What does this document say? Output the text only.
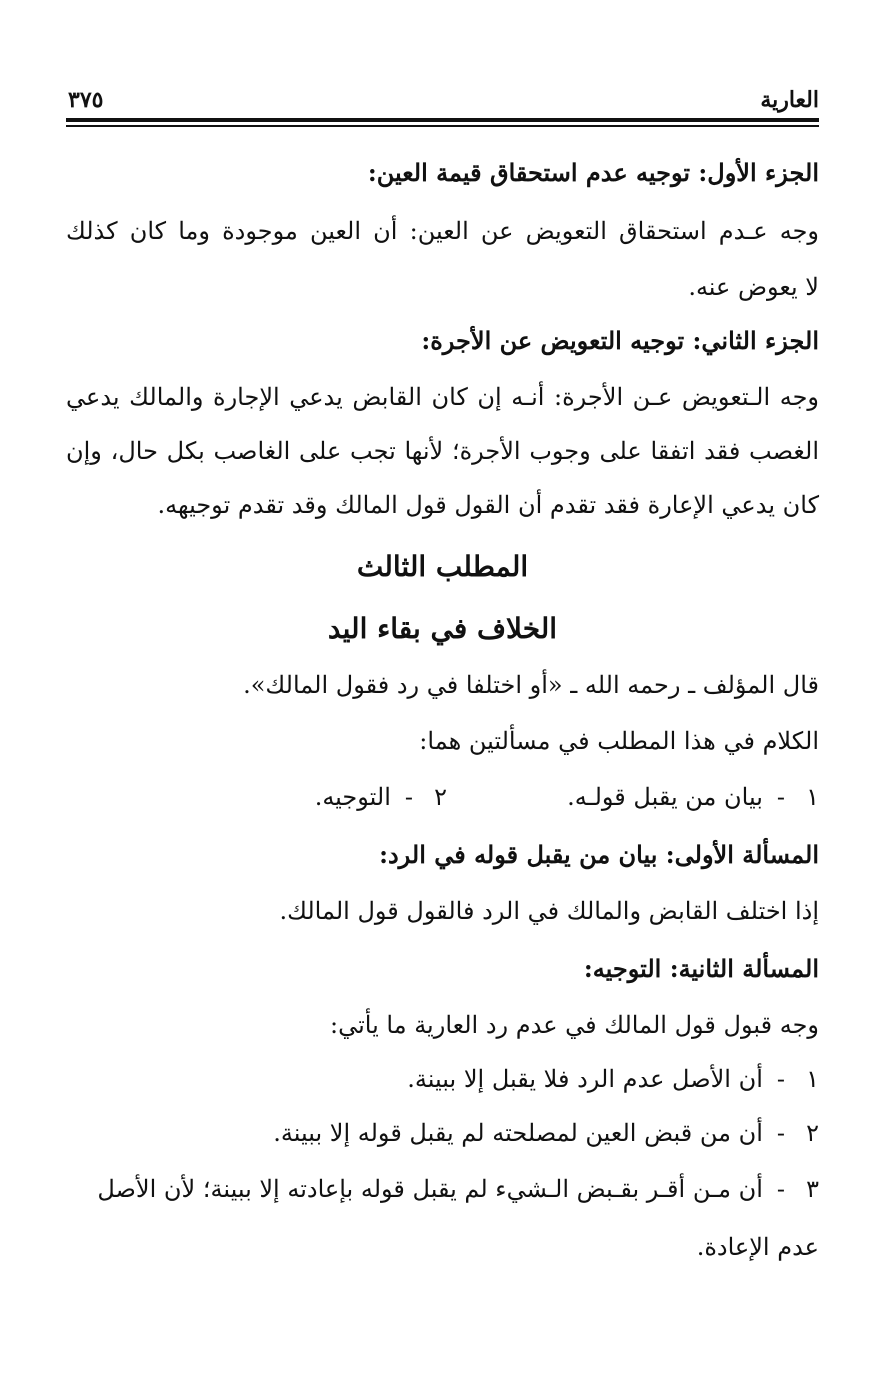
العارية
٣٧٥
الجزء الأول: توجيه عدم استحقاق قيمة العين:
وجه عـدم استحقاق التعويض عن العين: أن العين موجودة وما كان كذلك
لا يعوض عنه.
الجزء الثاني: توجيه التعويض عن الأجرة:
وجه الـتعويض عـن الأجرة: أنـه إن كان القابض يدعي الإجارة والمالك يدعي
الغصب فقد اتفقا على وجوب الأجرة؛ لأنها تجب على الغاصب بكل حال، وإن
كان يدعي الإعارة فقد تقدم أن القول قول المالك وقد تقدم توجيهه.
المطلب الثالث
الخلاف في بقاء اليد
قال المؤلف ـ رحمه الله ـ «أو اختلفا في رد فقول المالك».
الكلام في هذا المطلب في مسألتين هما:
١-بيان من يقبل قولـه.
٢-التوجيه.
المسألة الأولى: بيان من يقبل قوله في الرد:
إذا اختلف القابض والمالك في الرد فالقول قول المالك.
المسألة الثانية: التوجيه:
وجه قبول قول المالك في عدم رد العارية ما يأتي:
١-أن الأصل عدم الرد فلا يقبل إلا ببينة.
٢-أن من قبض العين لمصلحته لم يقبل قوله إلا ببينة.
٣-أن مـن أقـر بقـبض الـشيء لم يقبل قوله بإعادته إلا ببينة؛ لأن الأصل
عدم الإعادة.
